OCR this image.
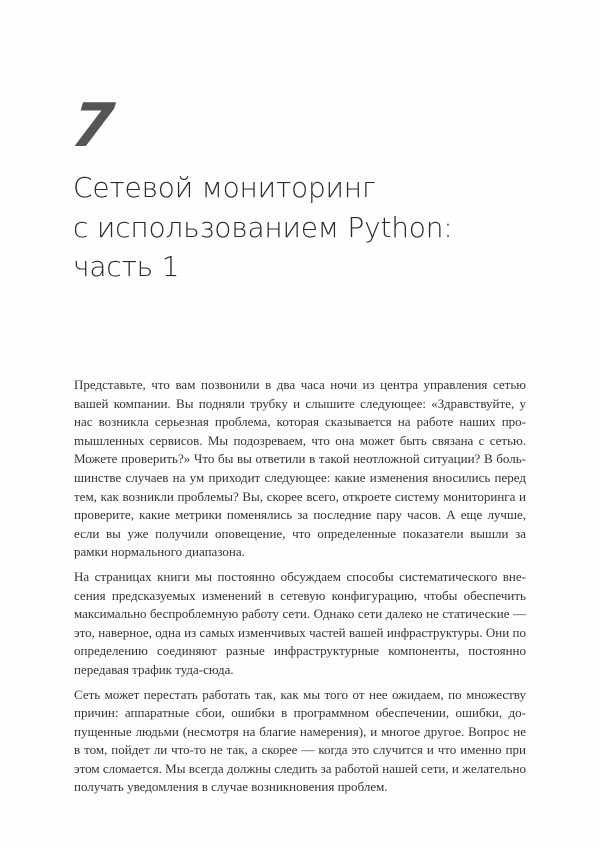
7
Сетевой мониторинг
с использованием Python:
часть 1

Представьте, что вам позвонили в два часа ночи из центра управления сетью вашей компании. Вы подняли трубку и слышите следующее: «Здравствуйте, у нас возникла серьезная проблема, которая сказывается на работе наших проmышленных сервисов. Мы подозреваем, что она может быть связана с сетью. Можете проверить?» Что бы вы ответили в такой неотложной ситуации? В большинстве случаев на ум приходит следующее: какие изменения вносились перед тем, как возникли проблемы? Вы, скорее всего, откроете систему мониторинга и проверите, какие метрики поменялись за последние пару часов. А еще лучше, если вы уже получили оповещение, что определенные показатели вышли за рамки нормального диапазона.

На страницах книги мы постоянно обсуждаем способы систематического внесения предсказуемых изменений в сетевую конфигурацию, чтобы обеспечить максимально беспроблемную работу сети. Однако сети далеко не статические — это, наверное, одна из самых изменчивых частей вашей инфраструктуры. Они по определению соединяют разные инфраструктурные компоненты, постоянно передавая трафик туда-сюда.

Сеть может перестать работать так, как мы того от нее ожидаем, по множеству причин: аппаратные сбои, ошибки в программном обеспечении, ошибки, допущенные людьми (несмотря на благие намерения), и многое другое. Вопрос не в том, пойдет ли что-то не так, а скорее — когда это случится и что именно при этом сломается. Мы всегда должны следить за работой нашей сети, и желательно получать уведомления в случае возникновения проблем.
